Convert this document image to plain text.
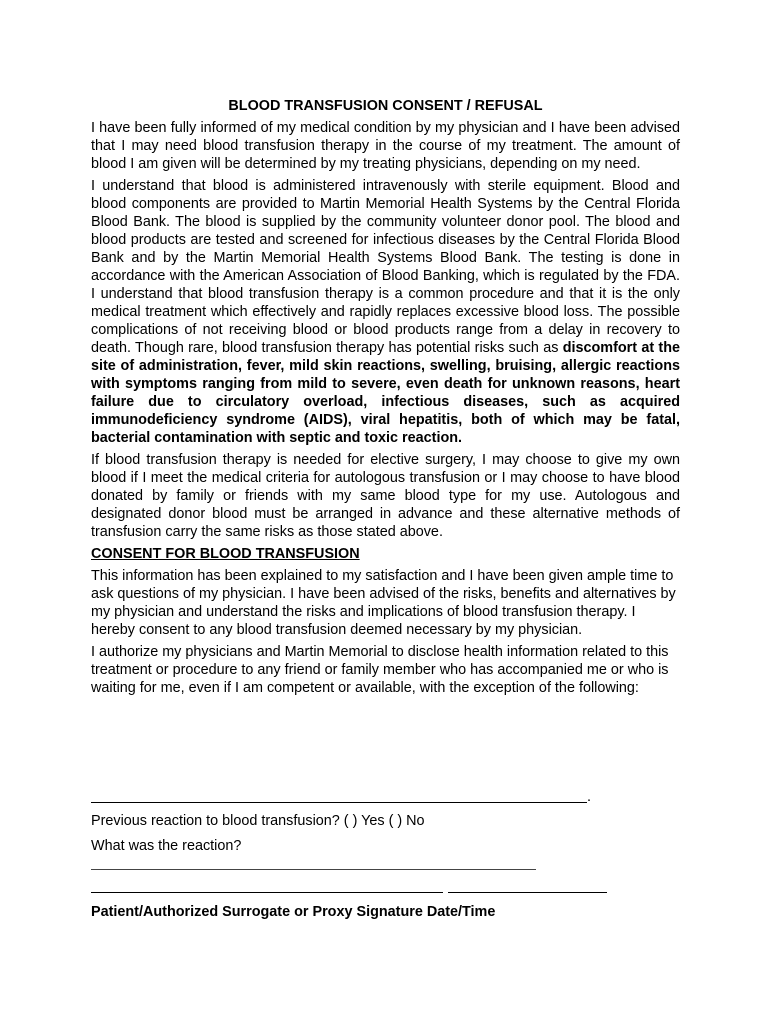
BLOOD TRANSFUSION CONSENT / REFUSAL
I have been fully informed of my medical condition by my physician and I have been advised that I may need blood transfusion therapy in the course of my treatment. The amount of blood I am given will be determined by my treating physicians, depending on my need.
I understand that blood is administered intravenously with sterile equipment. Blood and blood components are provided to Martin Memorial Health Systems by the Central Florida Blood Bank. The blood is supplied by the community volunteer donor pool. The blood and blood products are tested and screened for infectious diseases by the Central Florida Blood Bank and by the Martin Memorial Health Systems Blood Bank. The testing is done in accordance with the American Association of Blood Banking, which is regulated by the FDA. I understand that blood transfusion therapy is a common procedure and that it is the only medical treatment which effectively and rapidly replaces excessive blood loss. The possible complications of not receiving blood or blood products range from a delay in recovery to death. Though rare, blood transfusion therapy has potential risks such as discomfort at the site of administration, fever, mild skin reactions, swelling, bruising, allergic reactions with symptoms ranging from mild to severe, even death for unknown reasons, heart failure due to circulatory overload, infectious diseases, such as acquired immunodeficiency syndrome (AIDS), viral hepatitis, both of which may be fatal, bacterial contamination with septic and toxic reaction.
If blood transfusion therapy is needed for elective surgery, I may choose to give my own blood if I meet the medical criteria for autologous transfusion or I may choose to have blood donated by family or friends with my same blood type for my use. Autologous and designated donor blood must be arranged in advance and these alternative methods of transfusion carry the same risks as those stated above.
CONSENT FOR BLOOD TRANSFUSION
This information has been explained to my satisfaction and I have been given ample time to ask questions of my physician. I have been advised of the risks, benefits and alternatives by my physician and understand the risks and implications of blood transfusion therapy. I hereby consent to any blood transfusion deemed necessary by my physician.
I authorize my physicians and Martin Memorial to disclose health information related to this treatment or procedure to any friend or family member who has accompanied me or who is waiting for me, even if I am competent or available, with the exception of the following:
.
Previous reaction to blood transfusion? ( ) Yes ( ) No
What was the reaction?
Patient/Authorized Surrogate or Proxy Signature Date/Time
